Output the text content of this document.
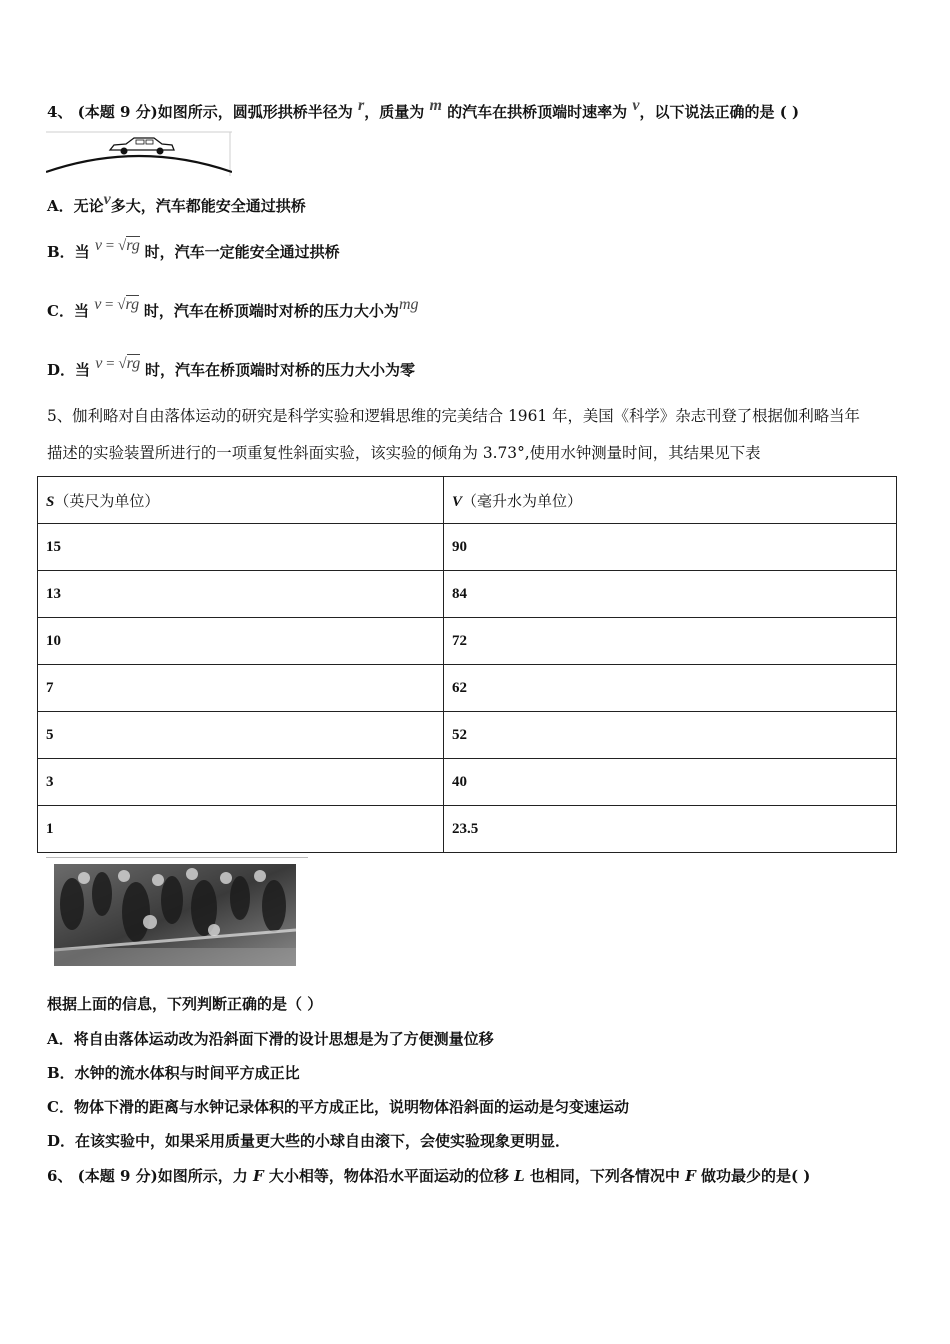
4、 (本题 9 分)如图所示，圆弧形拱桥半径为 r，质量为 m 的汽车在拱桥顶端时速率为 v，以下说法正确的是 ( )
A．无论v多大，汽车都能安全通过拱桥
B．当 v = √rg 时，汽车一定能安全通过拱桥
C．当 v = √rg 时，汽车在桥顶端时对桥的压力大小为mg
D．当 v = √rg 时，汽车在桥顶端时对桥的压力大小为零
5、伽利略对自由落体运动的研究是科学实验和逻辑思维的完美结合 1961 年，美国《科学》杂志刊登了根据伽利略当年
描述的实验装置所进行的一项重复性斜面实验，该实验的倾角为 3.73°,使用水钟测量时间，其结果见下表
S（英尺为单位）	V（毫升水为单位）
15	90
13	84
10	72
7	62
5	52
3	40
1	23.5
根据上面的信息，下列判断正确的是（ ）
A．将自由落体运动改为沿斜面下滑的设计思想是为了方便测量位移
B．水钟的流水体积与时间平方成正比
C．物体下滑的距离与水钟记录体积的平方成正比，说明物体沿斜面的运动是匀变速运动
D．在该实验中，如果采用质量更大些的小球自由滚下，会使实验现象更明显．
6、 (本题 9 分)如图所示，力 F 大小相等，物体沿水平面运动的位移 L 也相同，下列各情况中 F 做功最少的是( )
